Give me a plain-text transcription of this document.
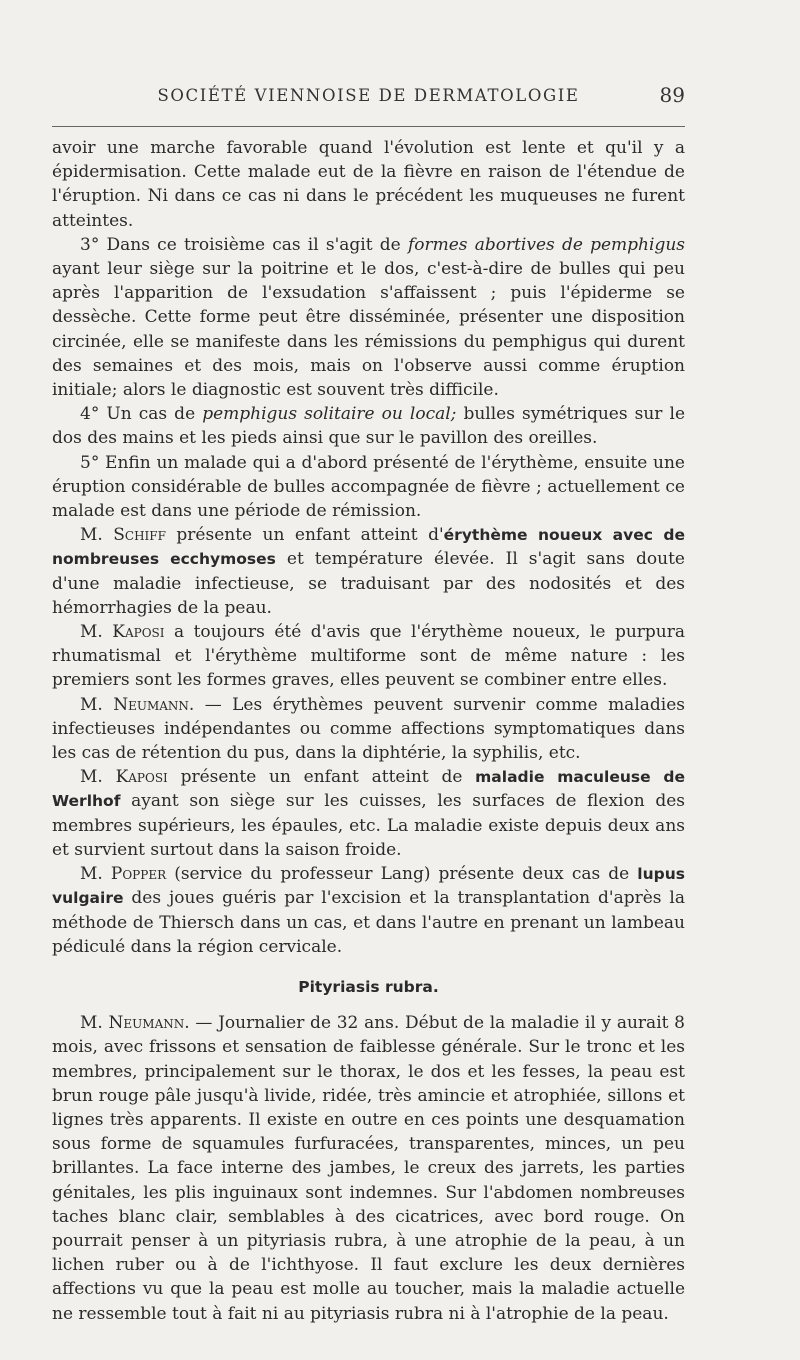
SOCIÉTÉ VIENNOISE DE DERMATOLOGIE	89

avoir une marche favorable quand l'évolution est lente et qu'il y a épidermisation. Cette malade eut de la fièvre en raison de l'étendue de l'éruption. Ni dans ce cas ni dans le précédent les muqueuses ne furent atteintes.

3° Dans ce troisième cas il s'agit de formes abortives de pemphigus ayant leur siège sur la poitrine et le dos, c'est-à-dire de bulles qui peu après l'apparition de l'exsudation s'affaissent ; puis l'épiderme se dessèche. Cette forme peut être disséminée, présenter une disposition circinée, elle se manifeste dans les rémissions du pemphigus qui durent des semaines et des mois, mais on l'observe aussi comme éruption initiale; alors le diagnostic est souvent très difficile.

4° Un cas de pemphigus solitaire ou local; bulles symétriques sur le dos des mains et les pieds ainsi que sur le pavillon des oreilles.

5° Enfin un malade qui a d'abord présenté de l'érythème, ensuite une éruption considérable de bulles accompagnée de fièvre ; actuellement ce malade est dans une période de rémission.

M. Schiff présente un enfant atteint d'érythème noueux avec de nombreuses ecchymoses et température élevée. Il s'agit sans doute d'une maladie infectieuse, se traduisant par des nodosités et des hémorrhagies de la peau.

M. Kaposi a toujours été d'avis que l'érythème noueux, le purpura rhumatismal et l'érythème multiforme sont de même nature : les premiers sont les formes graves, elles peuvent se combiner entre elles.

M. Neumann. — Les érythèmes peuvent survenir comme maladies infectieuses indépendantes ou comme affections symptomatiques dans les cas de rétention du pus, dans la diphtérie, la syphilis, etc.

M. Kaposi présente un enfant atteint de maladie maculeuse de Werlhof ayant son siège sur les cuisses, les surfaces de flexion des membres supérieurs, les épaules, etc. La maladie existe depuis deux ans et survient surtout dans la saison froide.

M. Popper (service du professeur Lang) présente deux cas de lupus vulgaire des joues guéris par l'excision et la transplantation d'après la méthode de Thiersch dans un cas, et dans l'autre en prenant un lambeau pédiculé dans la région cervicale.

Pityriasis rubra.

M. Neumann. — Journalier de 32 ans. Début de la maladie il y aurait 8 mois, avec frissons et sensation de faiblesse générale. Sur le tronc et les membres, principalement sur le thorax, le dos et les fesses, la peau est brun rouge pâle jusqu'à livide, ridée, très amincie et atrophiée, sillons et lignes très apparents. Il existe en outre en ces points une desquamation sous forme de squamules furfuracées, transparentes, minces, un peu brillantes. La face interne des jambes, le creux des jarrets, les parties génitales, les plis inguinaux sont indemnes. Sur l'abdomen nombreuses taches blanc clair, semblables à des cicatrices, avec bord rouge. On pourrait penser à un pityriasis rubra, à une atrophie de la peau, à un lichen ruber ou à de l'ichthyose. Il faut exclure les deux dernières affections vu que la peau est molle au toucher, mais la maladie actuelle ne ressemble tout à fait ni au pityriasis rubra ni à l'atrophie de la peau.
